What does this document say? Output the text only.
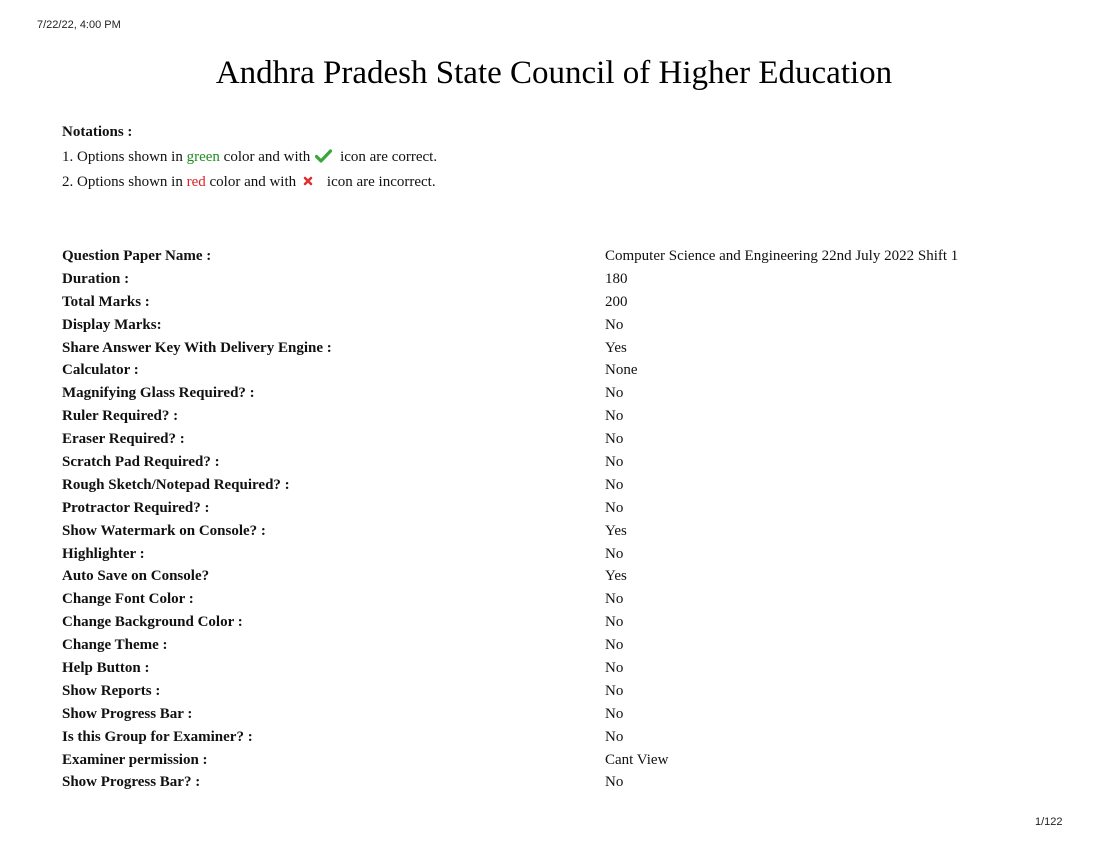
7/22/22, 4:00 PM
Andhra Pradesh State Council of Higher Education
Notations :
1. Options shown in green color and with icon are correct.
2. Options shown in red color and with icon are incorrect.
Question Paper Name :	Computer Science and Engineering 22nd July 2022 Shift 1
Duration :	180
Total Marks :	200
Display Marks:	No
Share Answer Key With Delivery Engine :	Yes
Calculator :	None
Magnifying Glass Required? :	No
Ruler Required? :	No
Eraser Required? :	No
Scratch Pad Required? :	No
Rough Sketch/Notepad Required? :	No
Protractor Required? :	No
Show Watermark on Console? :	Yes
Highlighter :	No
Auto Save on Console?	Yes
Change Font Color :	No
Change Background Color :	No
Change Theme :	No
Help Button :	No
Show Reports :	No
Show Progress Bar :	No
Is this Group for Examiner? :	No
Examiner permission :	Cant View
Show Progress Bar? :	No
1/122
